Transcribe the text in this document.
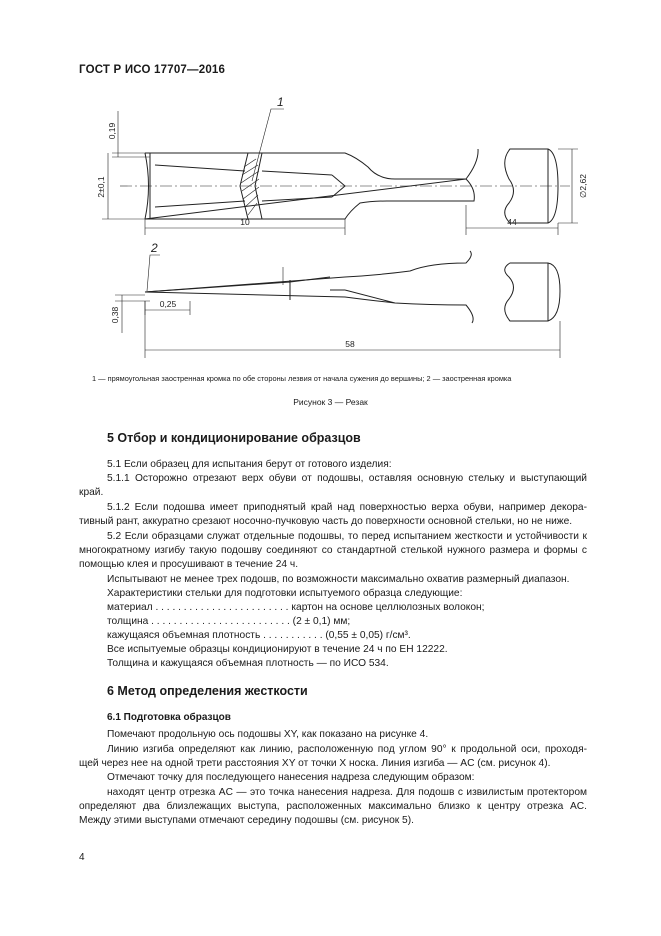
ГОСТ Р ИСО 17707—2016
0,19
2±0,1
10	44
∅2,62
0,38
0,25
58
1
2
1 — прямоугольная заостренная кромка по обе стороны лезвия от начала сужения до вершины; 2 — заостренная кромка
Рисунок 3 — Резак
5 Отбор и кондиционирование образцов
5.1 Если образец для испытания берут от готового изделия:
5.1.1 Осторожно отрезают верх обуви от подошвы, оставляя основную стельку и выступающий
край.
5.1.2 Если подошва имеет приподнятый край над поверхностью верха обуви, например декора-
тивный рант, аккуратно срезают носочно-пучковую часть до поверхности основной стельки, но не ниже.
5.2 Если образцами служат отдельные подошвы, то перед испытанием жесткости и устойчивости к
многократному изгибу такую подошву соединяют со стандартной стелькой нужного размера и формы с
помощью клея и просушивают в течение 24 ч.
Испытывают не менее трех подошв, по возможности максимально охватив размерный диапазон.
Характеристики стельки для подготовки испытуемого образца следующие:
материал . . . . . . . . . . . . . . . . . . . . . . . . картон на основе целлюлозных волокон;
толщина . . . . . . . . . . . . . . . . . . . . . . . . . (2 ± 0,1) мм;
кажущаяся объемная плотность . . . . . . . . . . . (0,55 ± 0,05) г/см³.
Все испытуемые образцы кондиционируют в течение 24 ч по ЕН 12222.
Толщина и кажущаяся объемная плотность — по ИСО 534.
6 Метод определения жесткости
6.1 Подготовка образцов
Помечают продольную ось подошвы XY, как показано на рисунке 4.
Линию изгиба определяют как линию, расположенную под углом 90° к продольной оси, проходя-
щей через нее на одной трети расстояния XY от точки X носка. Линия изгиба — AC (см. рисунок 4).
Отмечают точку для последующего нанесения надреза следующим образом:
находят центр отрезка AC — это точка нанесения надреза. Для подошв с извилистым протектором
определяют два близлежащих выступа, расположенных максимально близко к центру отрезка AC.
Между этими выступами отмечают середину подошвы (см. рисунок 5).
4
